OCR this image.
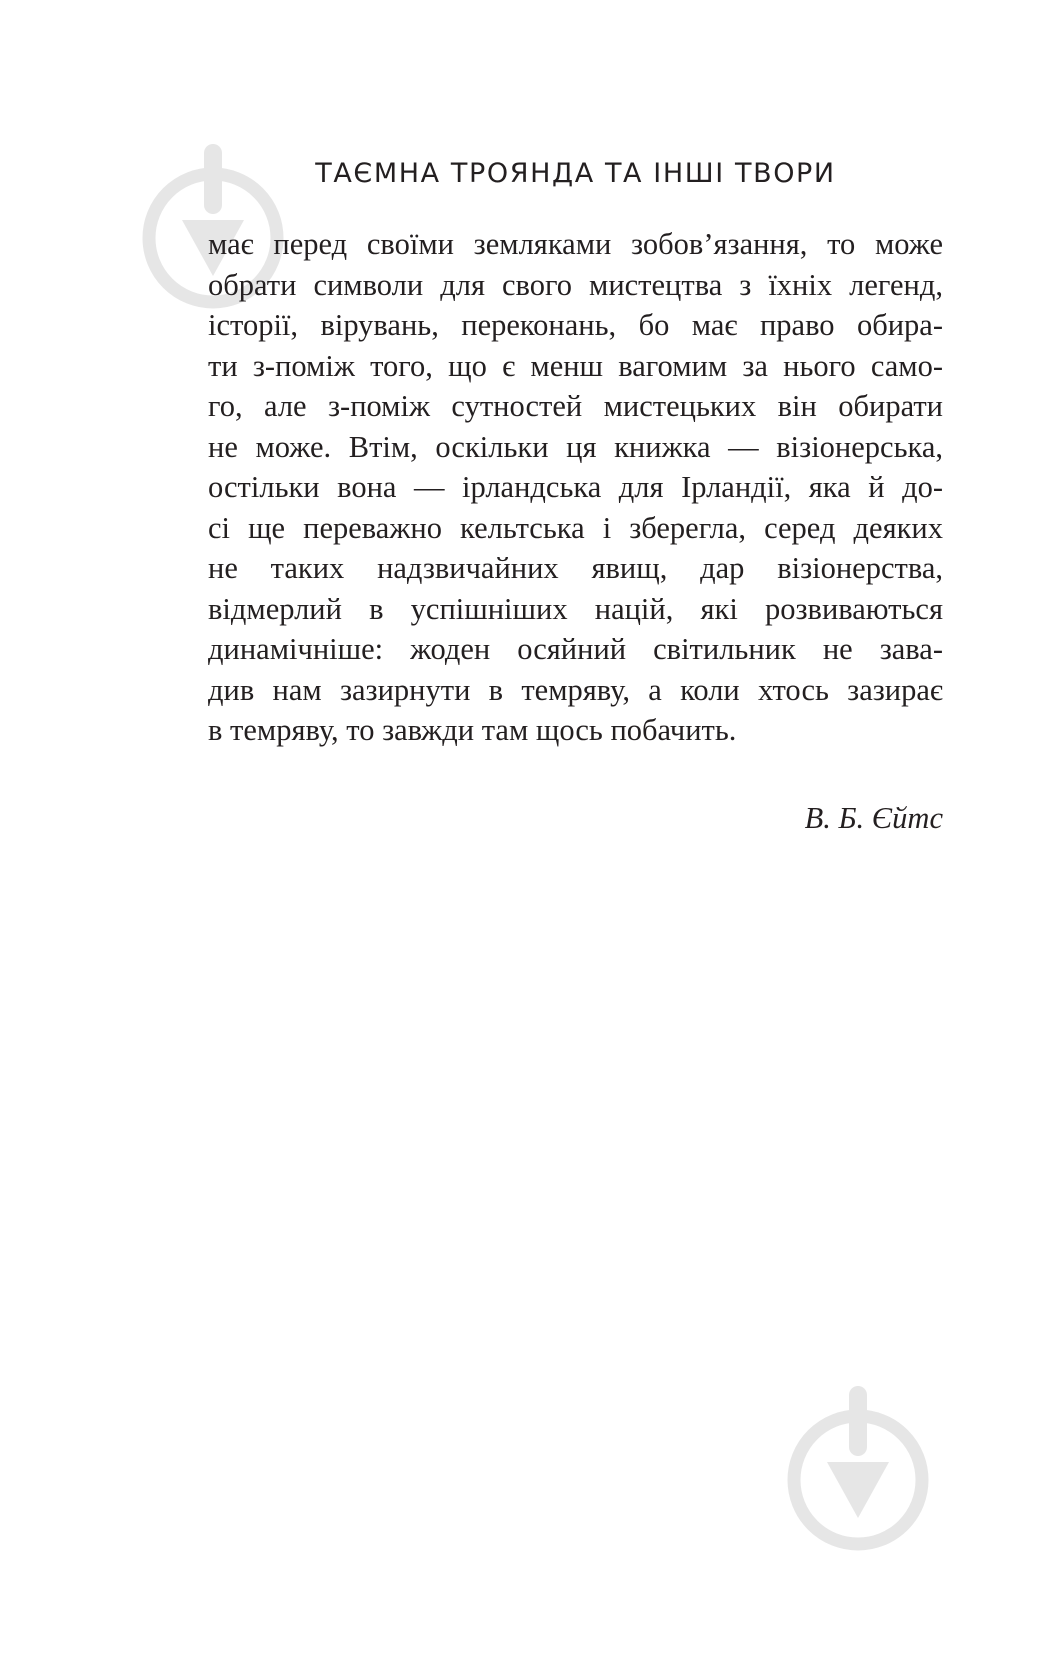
ТАЄМНА ТРОЯНДА ТА ІНШІ ТВОРИ
має перед своїми земляками зобов’язання, то може
обрати символи для свого мистецтва з їхніх легенд,
історії, вірувань, переконань, бо має право обира-
ти з-поміж того, що є менш вагомим за нього само-
го, але з-поміж сутностей мистецьких він обирати
не може. Втім, оскільки ця книжка — візіонерська,
остільки вона — ірландська для Ірландії, яка й до-
сі ще переважно кельтська і зберегла, серед деяких
не таких надзвичайних явищ, дар візіонерства,
відмерлий в успішніших націй, які розвиваються
динамічніше: жоден осяйний світильник не зава-
див нам зазирнути в темряву, а коли хтось зазирає
в темряву, то завжди там щось побачить.
В. Б. Єйтс
